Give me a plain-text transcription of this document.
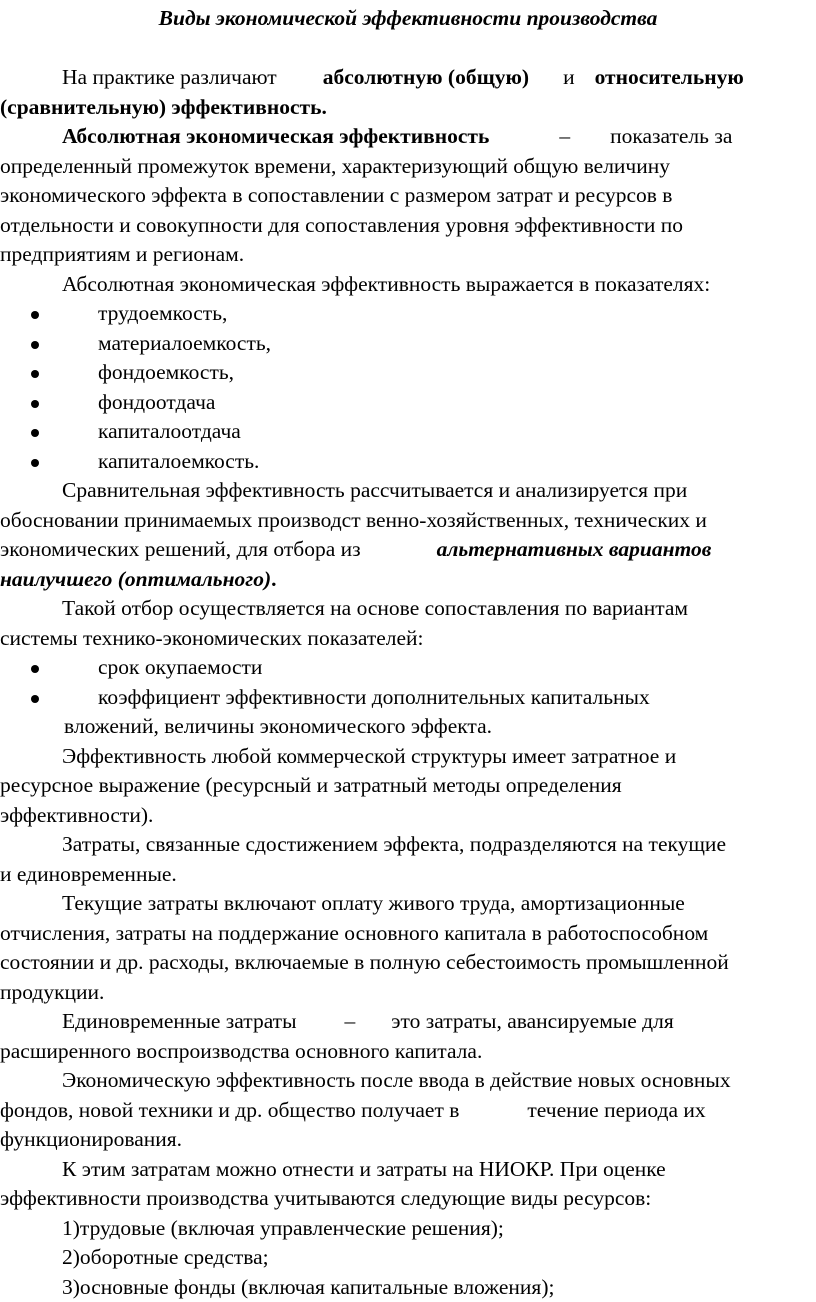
Виды экономической эффективности производства

На практике различают абсолютную (общую) и относительную
(сравнительную) эффективность.

Абсолютная экономическая эффективность	– показатель за
определенный промежуток времени, характеризующий общую величину
экономического эффекта в сопоставлении с размером затрат и ресурсов в
отдельности и совокупности для сопоставления уровня эффективности по
предприятиям и регионам.

Абсолютная экономическая эффективность выражается в показателях:

трудоемкость,

материалоемкость,

фондоемкость,

фондоотдача

капиталоотдача

капиталоемкость.

Сравнительная эффективность рассчитывается и анализируется при
обосновании принимаемых производст венно-хозяйственных, технических и
экономических решений, для отбора из	альтернативных вариантов
наилучшего (оптимального).

Такой отбор осуществляется на основе сопоставления по вариантам
системы технико-экономических показателей:

срок окупаемости

коэффициент эффективности дополнительных капитальных

вложений, величины экономического эффекта.

Эффективность любой коммерческой структуры имеет затратное и
ресурсное выражение (ресурсный и затратный методы определения
эффективности).

Затраты, связанные сдостижением эффекта, подразделяются на текущие
и единовременные.

Текущие затраты включают оплату живого труда, амортизационные
отчисления, затраты на поддержание основного капитала в работоспособном
состоянии и др. расходы, включаемые в полную себестоимость промышленной
продукции.

Единовременные затраты – это затраты, авансируемые для
расширенного воспроизводства основного капитала.

Экономическую эффективность после ввода в действие новых основных
фондов, новой техники и др. общество получает в	течение периода их
функционирования.

К этим затратам можно отнести и затраты на НИОКР. При оценке
эффективности производства учитываются следующие виды ресурсов:

1)трудовые (включая управленческие решения);

2)оборотные средства;

3)основные фонды (включая капитальные вложения);
